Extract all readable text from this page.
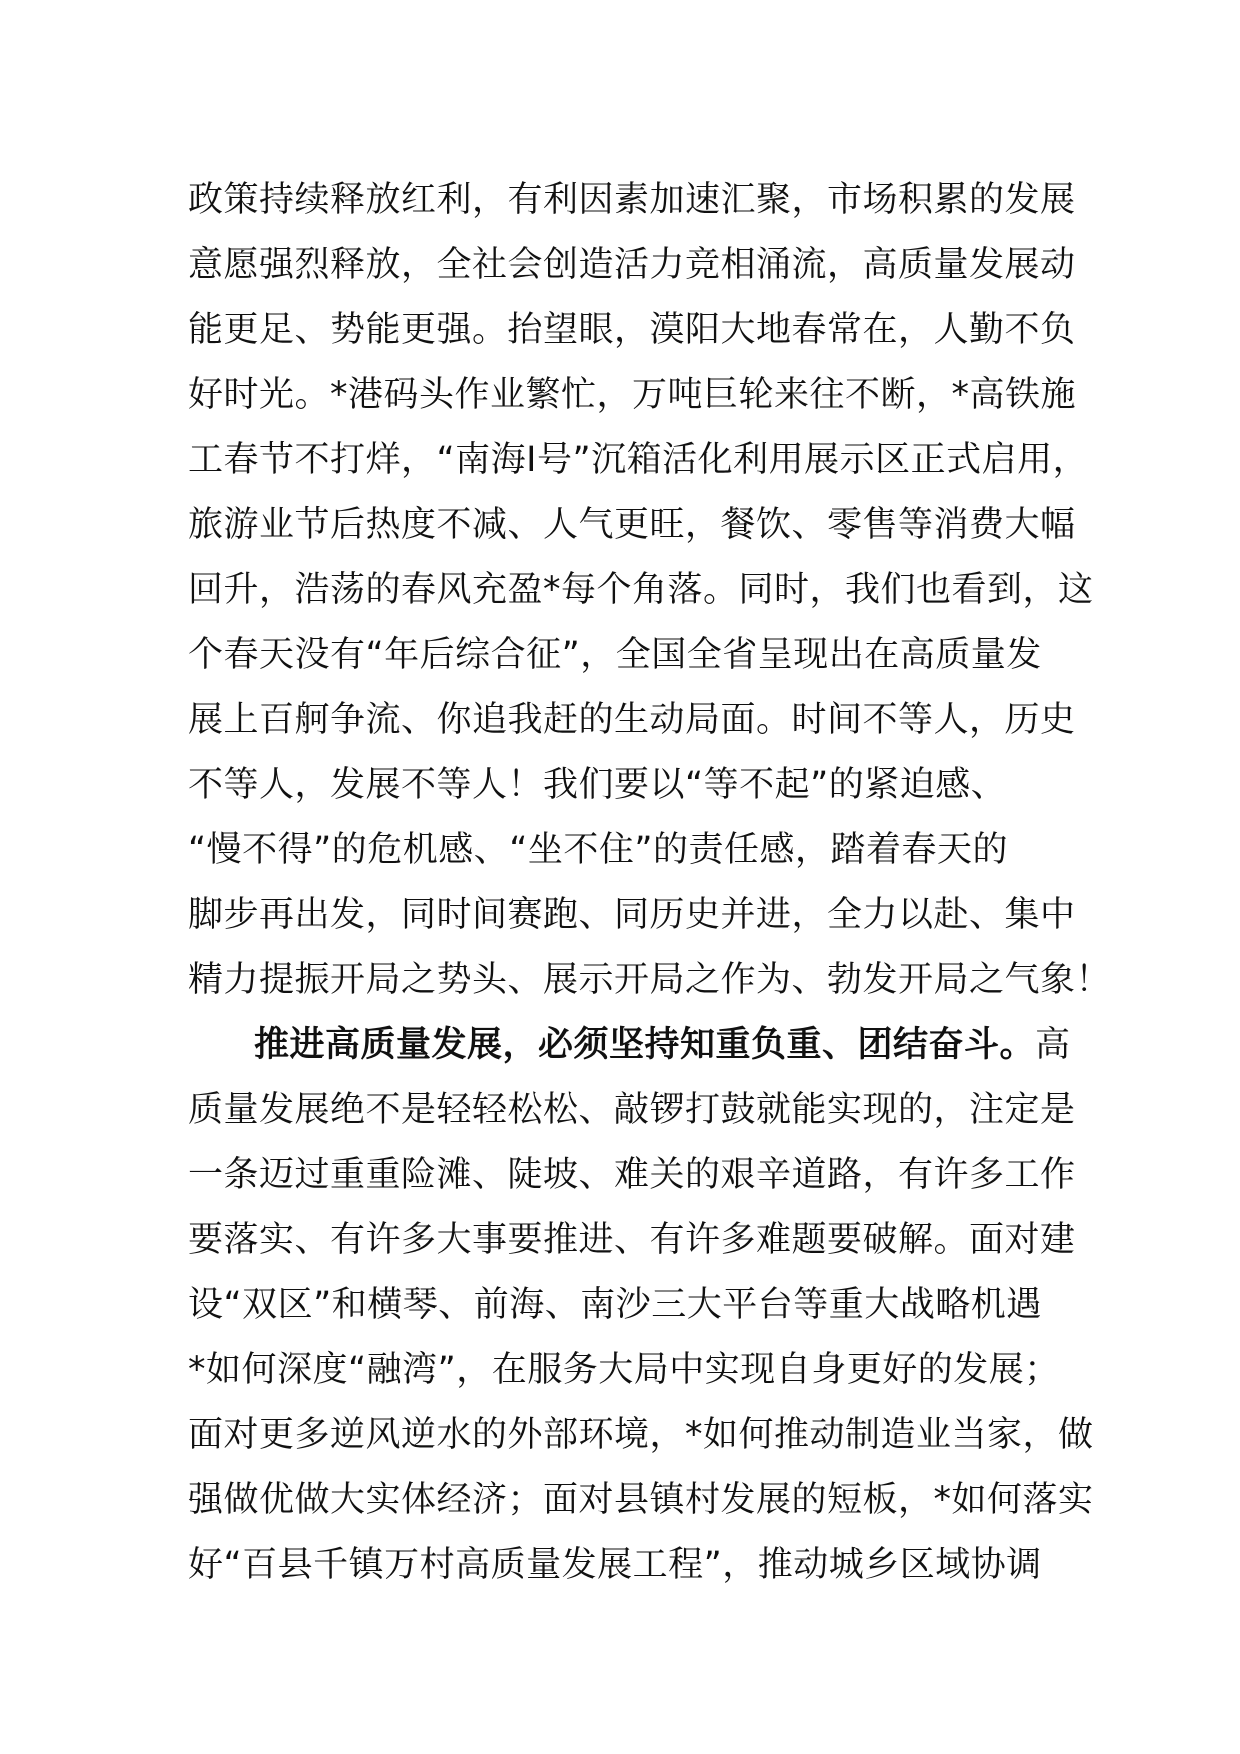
政策持续释放红利，有利因素加速汇聚，市场积累的发展
意愿强烈释放，全社会创造活力竞相涌流，高质量发展动
能更足、势能更强。抬望眼，漠阳大地春常在，人勤不负
好时光。*港码头作业繁忙，万吨巨轮来往不断，*高铁施
工春节不打烊，“南海Ⅰ号”沉箱活化利用展示区正式启用，
旅游业节后热度不减、人气更旺，餐饮、零售等消费大幅
回升，浩荡的春风充盈*每个角落。同时，我们也看到，这
个春天没有“年后综合征”，全国全省呈现出在高质量发
展上百舸争流、你追我赶的生动局面。时间不等人，历史
不等人，发展不等人！我们要以“等不起”的紧迫感、
“慢不得”的危机感、“坐不住”的责任感，踏着春天的
脚步再出发，同时间赛跑、同历史并进，全力以赴、集中
精力提振开局之势头、展示开局之作为、勃发开局之气象！
推进高质量发展，必须坚持知重负重、团结奋斗。高
质量发展绝不是轻轻松松、敲锣打鼓就能实现的，注定是
一条迈过重重险滩、陡坡、难关的艰辛道路，有许多工作
要落实、有许多大事要推进、有许多难题要破解。面对建
设“双区”和横琴、前海、南沙三大平台等重大战略机遇
*如何深度“融湾”，在服务大局中实现自身更好的发展；
面对更多逆风逆水的外部环境，*如何推动制造业当家，做
强做优做大实体经济；面对县镇村发展的短板，*如何落实
好“百县千镇万村高质量发展工程”，推动城乡区域协调
